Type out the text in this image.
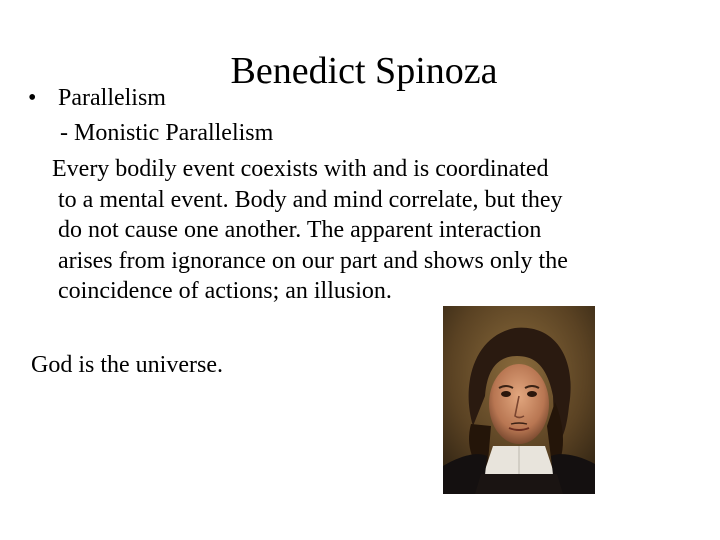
Benedict Spinoza
• Parallelism
- Monistic Parallelism
Every bodily event coexists with and is coordinated
to a mental event. Body and mind correlate, but they
do not cause one another. The apparent interaction
arises from ignorance on our part and shows only the
coincidence of actions; an illusion.
God is the universe.
